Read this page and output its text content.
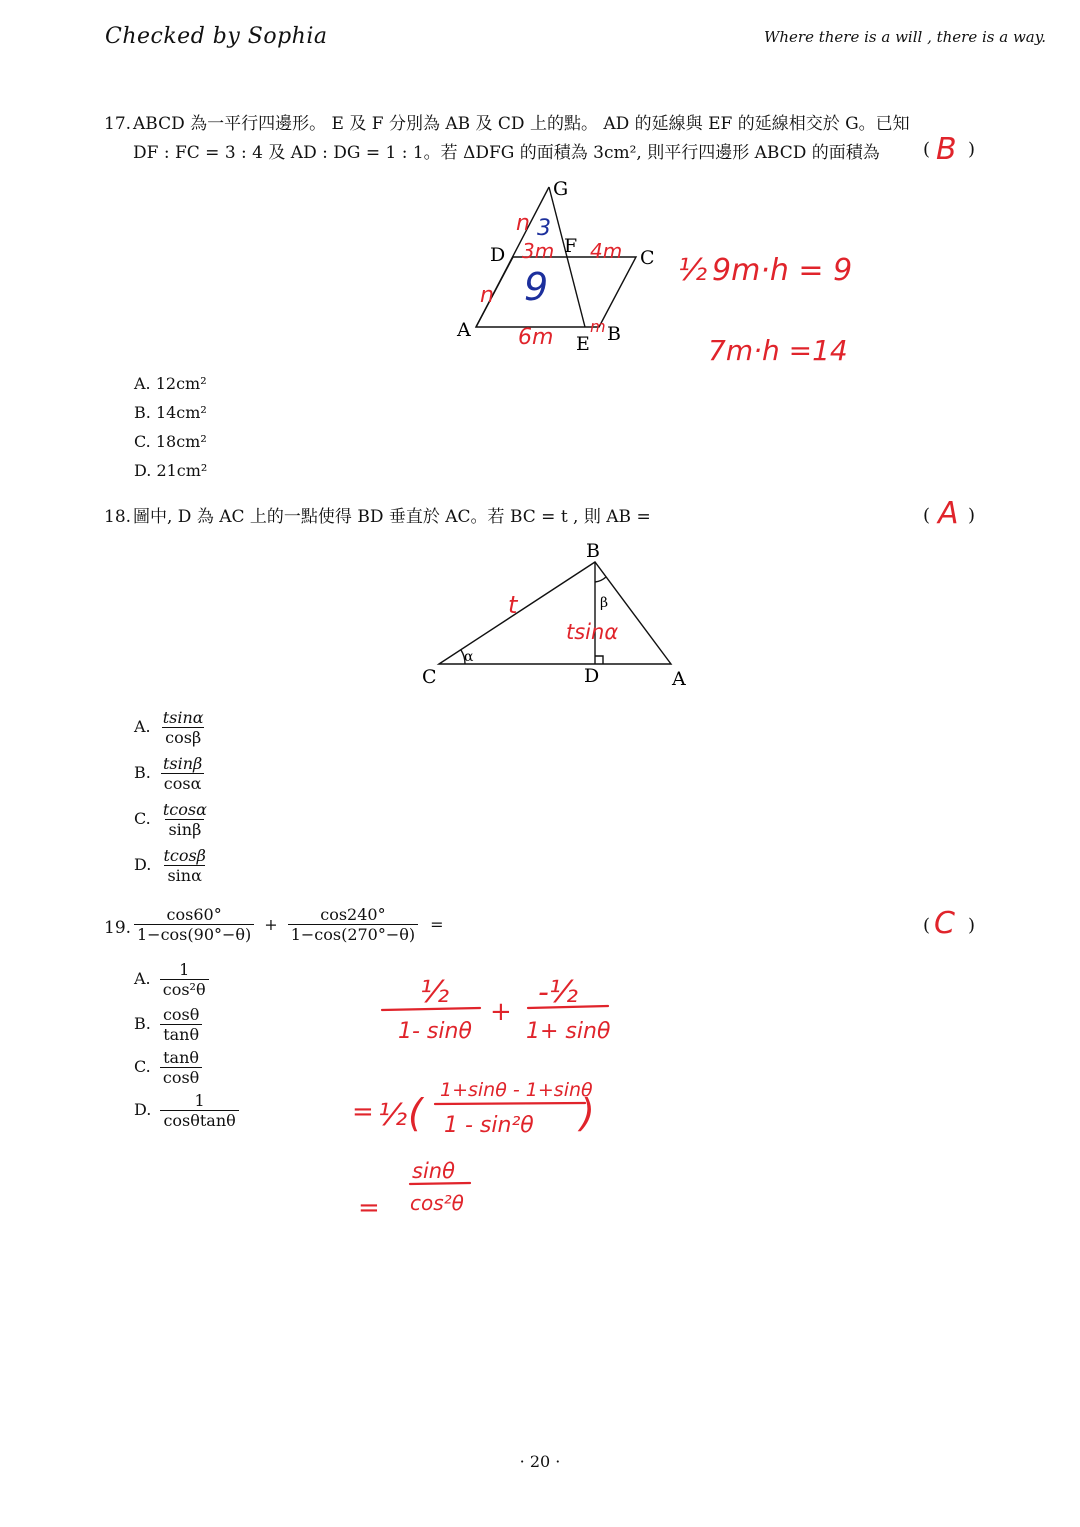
Checked by Sophia	Where there is a will , there is a way.
17. ABCD 為一平行四邊形。 E 及 F 分別為 AB 及 CD 上的點。 AD 的延線與 EF 的延線相交於 G。已知
DF : FC = 3 : 4 及 AD : DG = 1 : 1。若 ΔDFG 的面積為 3cm², 則平行四邊形 ABCD 的面積為 ( B )
G
D	F
C
A
E B
n 3
3m 4m
9
n
6m m
½ 9m·h = 9
7m·h =14
A. 12cm²
B. 14cm²
C. 18cm²
D. 21cm²
18. 圖中, D 為 AC 上的一點使得 BD 垂直於 AC。若 BC = t , 則 AB =	( A )
B
C	D	A
α
β
t
tsinα
A. $\frac{tsin\alpha}{\cos\beta}$
B. $\frac{tsin\beta}{\cos\alpha}$
C. $\frac{tcos\alpha}{\sin\beta}$
D. $\frac{tcos\beta}{\sin\alpha}$
19. $\frac{\cos 60^\circ}{1-\cos(90^\circ-\theta)} + \frac{\cos 240^\circ}{1-\cos(270^\circ-\theta)}$ =	( C )
A. $\frac{1}{\text{cos²θ}}$
B. $\frac{\cos\theta}{\tan\theta}$
C. $\frac{\tan\theta}{\cos\theta}$
D. $\frac{1}{\cos\theta\tan\theta}$
½
1- sinθ
+
-½
1+ sinθ
= ½ (
1+sinθ - 1+sinθ
1 - sin²θ )
=
sinθ
cos²θ
· 20 ·
